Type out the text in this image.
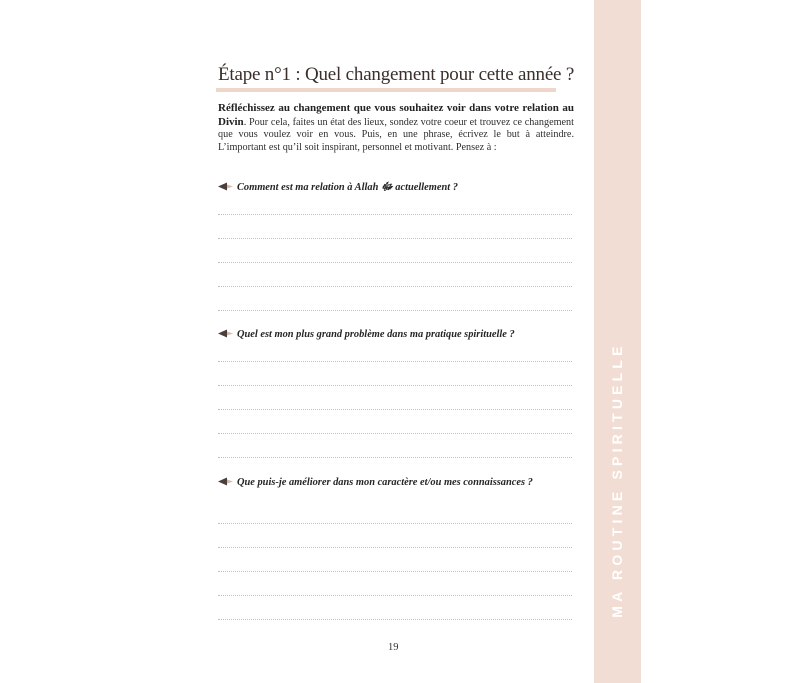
MA ROUTINE SPIRITUELLE
Étape n°1 : Quel changement pour cette année ?

Réfléchissez au changement que vous souhaitez voir dans votre relation au Divin. Pour cela, faites un état des lieux, sondez votre coeur et trouvez ce changement que vous voulez voir en vous. Puis, en une phrase, écrivez le but à atteindre. L’important est qu’il soit inspirant, personnel et motivant. Pensez à :

Comment est ma relation à Allah ﷻ actuellement ?
Quel est mon plus grand problème dans ma pratique spirituelle ?
Que puis-je améliorer dans mon caractère et/ou mes connaissances ?
19
